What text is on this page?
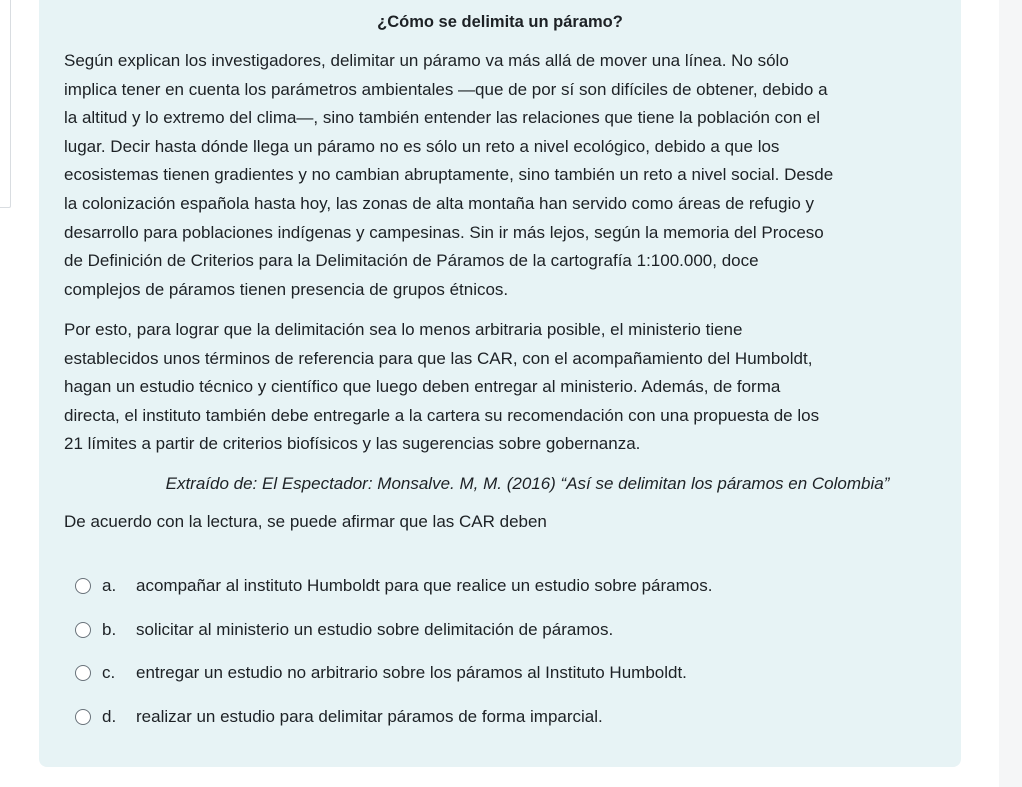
¿Cómo se delimita un páramo?

Según explican los investigadores, delimitar un páramo va más allá de mover una línea. No sólo
implica tener en cuenta los parámetros ambientales —que de por sí son difíciles de obtener, debido a
la altitud y lo extremo del clima—, sino también entender las relaciones que tiene la población con el
lugar. Decir hasta dónde llega un páramo no es sólo un reto a nivel ecológico, debido a que los
ecosistemas tienen gradientes y no cambian abruptamente, sino también un reto a nivel social. Desde
la colonización española hasta hoy, las zonas de alta montaña han servido como áreas de refugio y
desarrollo para poblaciones indígenas y campesinas. Sin ir más lejos, según la memoria del Proceso
de Definición de Criterios para la Delimitación de Páramos de la cartografía 1:100.000, doce
complejos de páramos tienen presencia de grupos étnicos.

Por esto, para lograr que la delimitación sea lo menos arbitraria posible, el ministerio tiene
establecidos unos términos de referencia para que las CAR, con el acompañamiento del Humboldt,
hagan un estudio técnico y científico que luego deben entregar al ministerio. Además, de forma
directa, el instituto también debe entregarle a la cartera su recomendación con una propuesta de los
21 límites a partir de criterios biofísicos y las sugerencias sobre gobernanza.

Extraído de: El Espectador: Monsalve. M, M. (2016) “Así se delimitan los páramos en Colombia”
De acuerdo con la lectura, se puede afirmar que las CAR deben
a.	acompañar al instituto Humboldt para que realice un estudio sobre páramos.
b.	solicitar al ministerio un estudio sobre delimitación de páramos.
c.	entregar un estudio no arbitrario sobre los páramos al Instituto Humboldt.
d.	realizar un estudio para delimitar páramos de forma imparcial.
